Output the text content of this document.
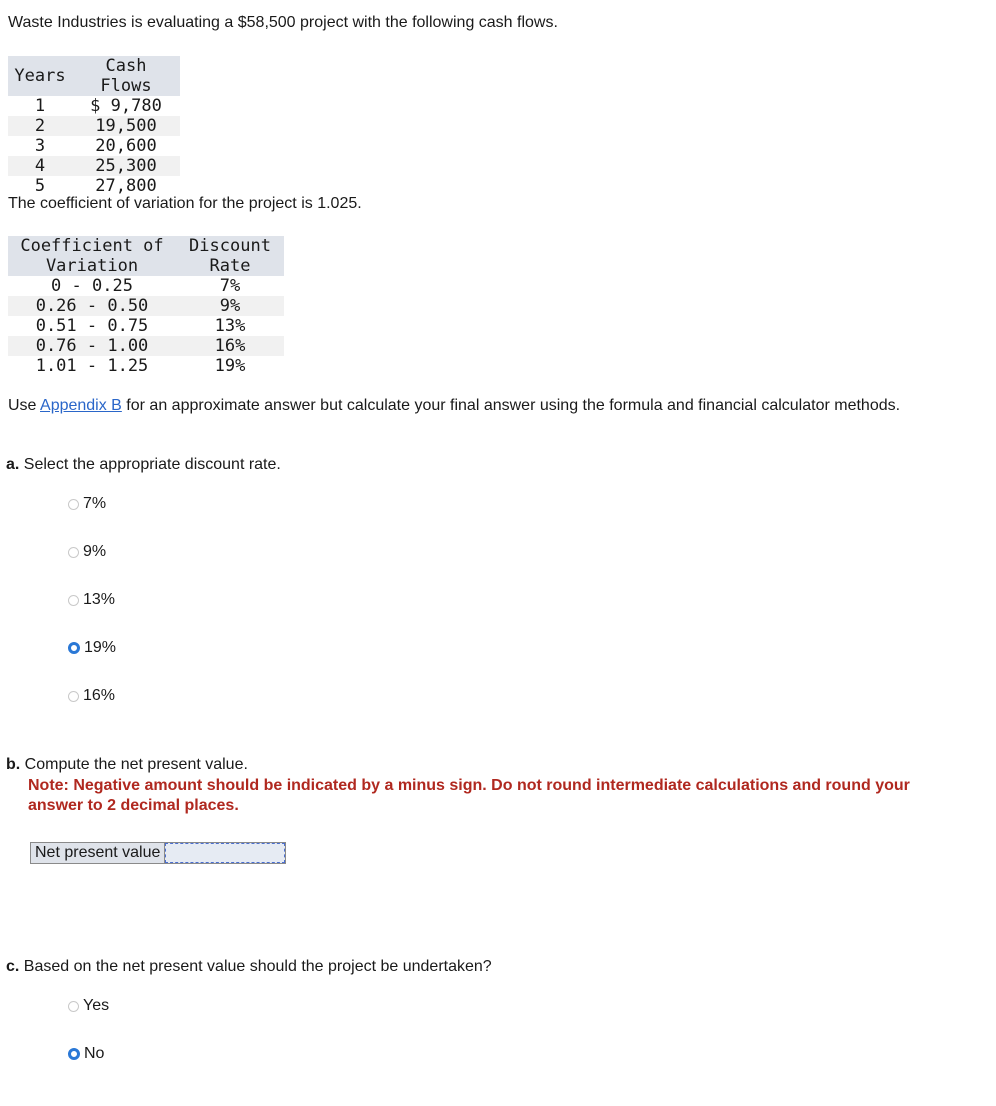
Waste Industries is evaluating a $58,500 project with the following cash flows.

Years	Cash Flows
1	$ 9,780
2	19,500
3	20,600
4	25,300
5	27,800

The coefficient of variation for the project is 1.025.

Coefficient of	Discount
Variation	Rate
0 - 0.25	7%
0.26 - 0.50	9%
0.51 - 0.75	13%
0.76 - 1.00	16%
1.01 - 1.25	19%

Use Appendix B for an approximate answer but calculate your final answer using the formula and financial calculator methods.

a. Select the appropriate discount rate.

7%
9%
13%
19%
16%

b. Compute the net present value.

Note: Negative amount should be indicated by a minus sign. Do not round intermediate calculations and round your answer to 2 decimal places.

Net present value

c. Based on the net present value should the project be undertaken?

Yes
No
